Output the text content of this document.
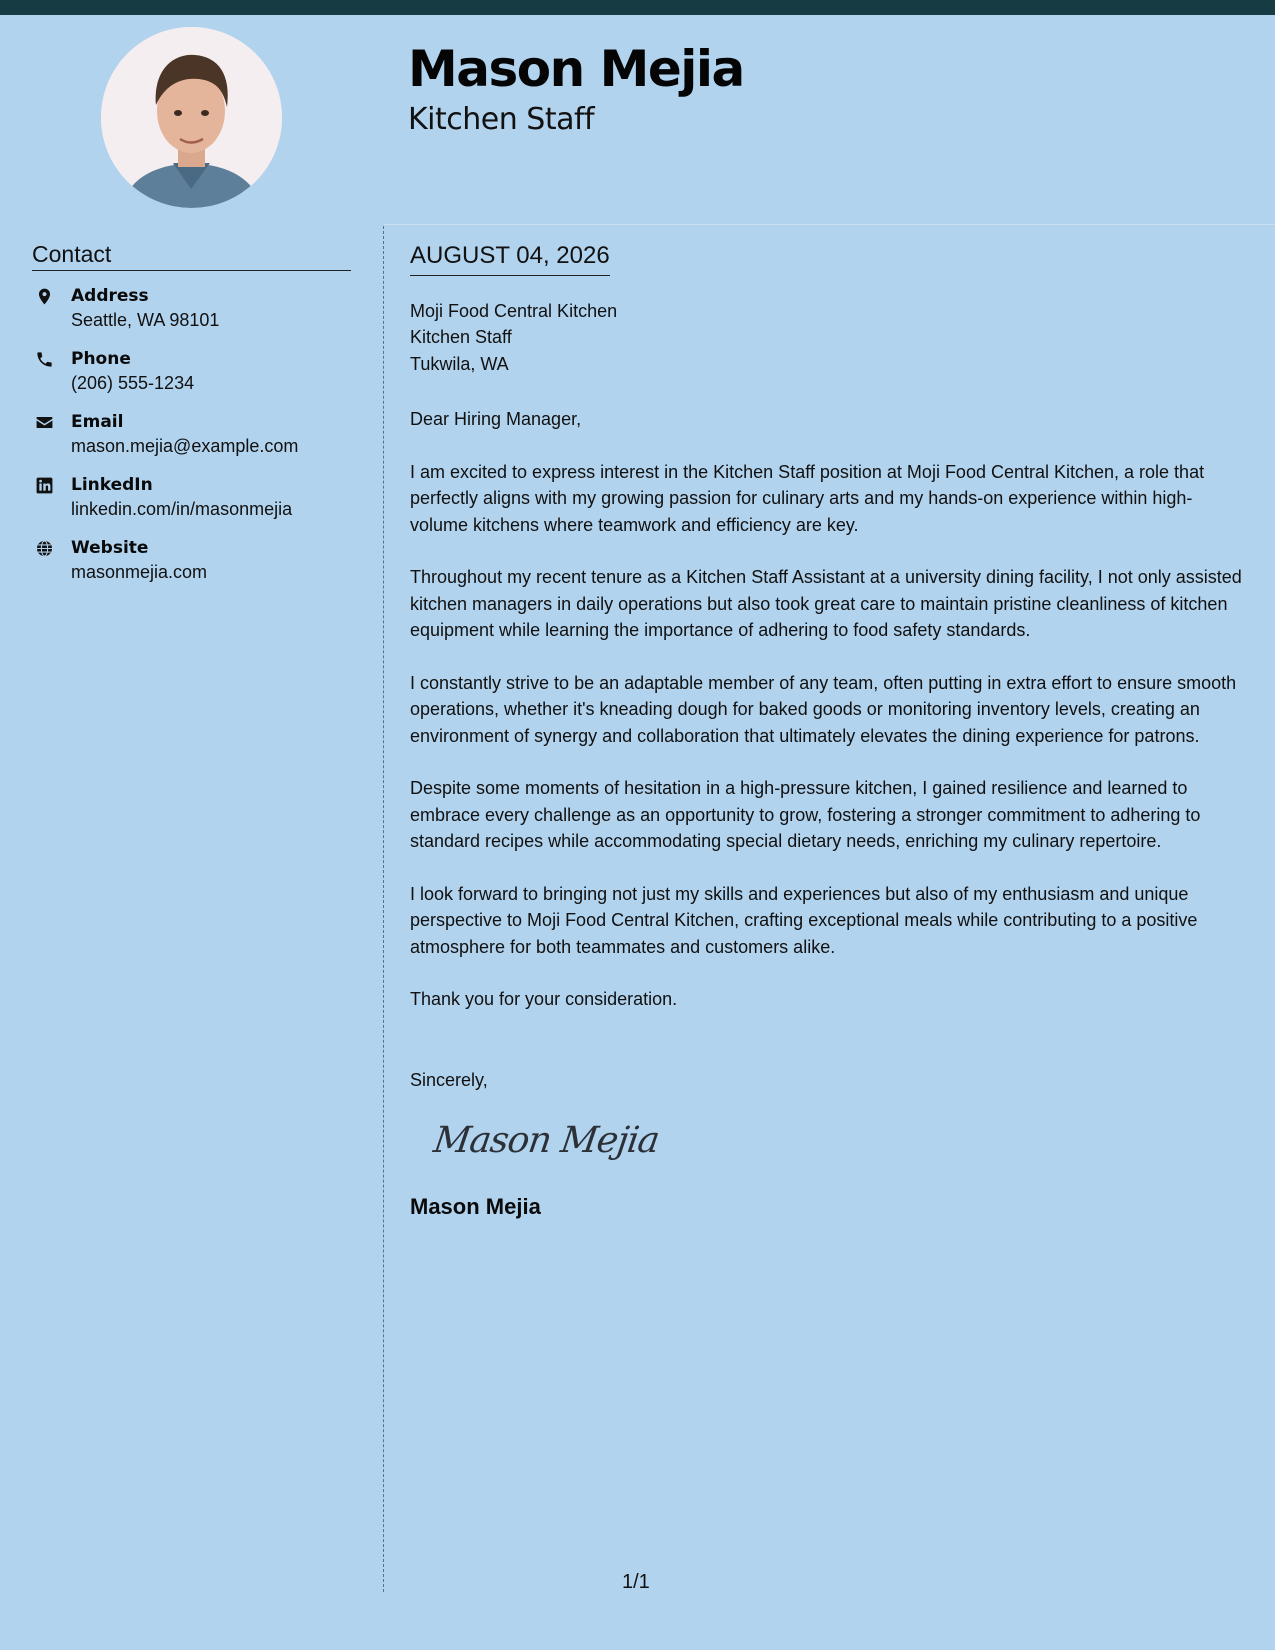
Mason Mejia
Kitchen Staff
Contact
Address
Seattle, WA 98101
Phone
(206) 555-1234
Email
mason.mejia@example.com
LinkedIn
linkedin.com/in/masonmejia
Website
masonmejia.com
AUGUST 04, 2026
Moji Food Central Kitchen
Kitchen Staff
Tukwila, WA
Dear Hiring Manager,
I am excited to express interest in the Kitchen Staff position at Moji Food Central Kitchen, a role that perfectly aligns with my growing passion for culinary arts and my hands-on experience within high-volume kitchens where teamwork and efficiency are key.
Throughout my recent tenure as a Kitchen Staff Assistant at a university dining facility, I not only assisted kitchen managers in daily operations but also took great care to maintain pristine cleanliness of kitchen equipment while learning the importance of adhering to food safety standards.
I constantly strive to be an adaptable member of any team, often putting in extra effort to ensure smooth operations, whether it's kneading dough for baked goods or monitoring inventory levels, creating an environment of synergy and collaboration that ultimately elevates the dining experience for patrons.
Despite some moments of hesitation in a high-pressure kitchen, I gained resilience and learned to embrace every challenge as an opportunity to grow, fostering a stronger commitment to adhering to standard recipes while accommodating special dietary needs, enriching my culinary repertoire.
I look forward to bringing not just my skills and experiences but also of my enthusiasm and unique perspective to Moji Food Central Kitchen, crafting exceptional meals while contributing to a positive atmosphere for both teammates and customers alike.
Thank you for your consideration.
Sincerely,
Mason Mejia
Mason Mejia
1/1
